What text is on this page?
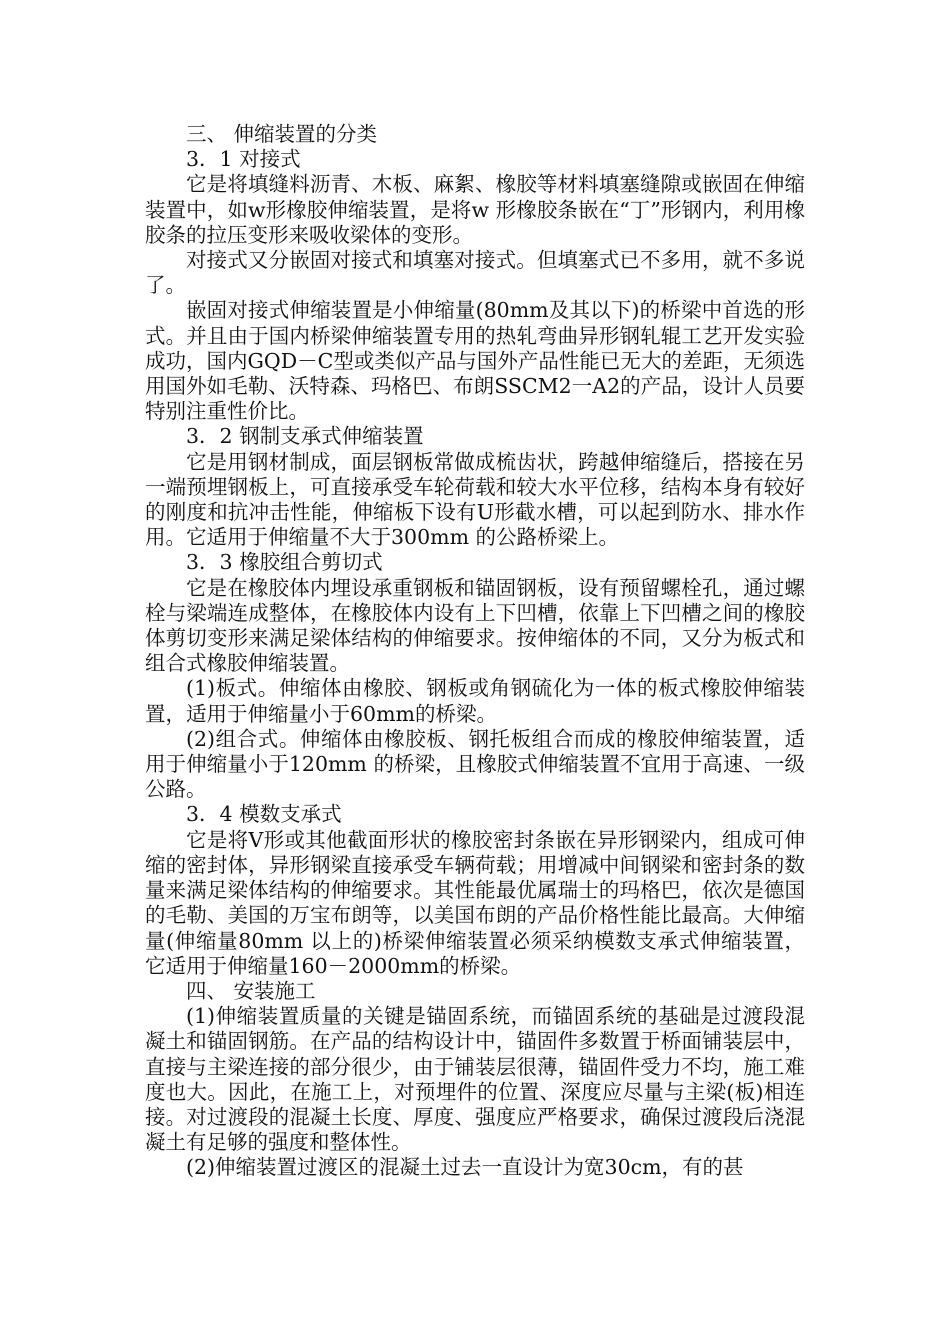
三、 伸缩装置的分类

3．1 对接式

它是将填缝料沥青、木板、麻絮、橡胶等材料填塞缝隙或嵌固在伸缩装置中，如w形橡胶伸缩装置，是将w 形橡胶条嵌在“丁”形钢内，利用橡胶条的拉压变形来吸收梁体的变形。

对接式又分嵌固对接式和填塞对接式。但填塞式已不多用，就不多说了。

嵌固对接式伸缩装置是小伸缩量(80mm及其以下)的桥梁中首选的形式。并且由于国内桥梁伸缩装置专用的热轧弯曲异形钢轧辊工艺开发实验成功，国内GQD－C型或类似产品与国外产品性能已无大的差距，无须选用国外如毛勒、沃特森、玛格巴、布朗SSCM2一A2的产品，设计人员要特别注重性价比。

3．2 钢制支承式伸缩装置

它是用钢材制成，面层钢板常做成梳齿状，跨越伸缩缝后，搭接在另一端预埋钢板上，可直接承受车轮荷载和较大水平位移，结构本身有较好的刚度和抗冲击性能，伸缩板下设有U形截水槽，可以起到防水、排水作用。它适用于伸缩量不大于300mm 的公路桥梁上。

3．3 橡胶组合剪切式

它是在橡胶体内埋设承重钢板和锚固钢板，设有预留螺栓孔，通过螺栓与梁端连成整体，在橡胶体内设有上下凹槽，依靠上下凹槽之间的橡胶体剪切变形来满足梁体结构的伸缩要求。按伸缩体的不同，又分为板式和组合式橡胶伸缩装置。

(1)板式。伸缩体由橡胶、钢板或角钢硫化为一体的板式橡胶伸缩装置，适用于伸缩量小于60mm的桥梁。

(2)组合式。伸缩体由橡胶板、钢托板组合而成的橡胶伸缩装置，适用于伸缩量小于120mm 的桥梁，且橡胶式伸缩装置不宜用于高速、一级公路。

3．4 模数支承式

它是将V形或其他截面形状的橡胶密封条嵌在异形钢梁内，组成可伸缩的密封体，异形钢梁直接承受车辆荷载；用增减中间钢梁和密封条的数量来满足梁体结构的伸缩要求。其性能最优属瑞士的玛格巴，依次是德国的毛勒、美国的万宝布朗等，以美国布朗的产品价格性能比最高。大伸缩量(伸缩量80mm 以上的)桥梁伸缩装置必须采纳模数支承式伸缩装置，它适用于伸缩量160－2000mm的桥梁。

四、 安装施工

(1)伸缩装置质量的关键是锚固系统，而锚固系统的基础是过渡段混凝土和锚固钢筋。在产品的结构设计中，锚固件多数置于桥面铺装层中，直接与主梁连接的部分很少，由于铺装层很薄，锚固件受力不均，施工难度也大。因此，在施工上，对预埋件的位置、深度应尽量与主梁(板)相连接。对过渡段的混凝土长度、厚度、强度应严格要求，确保过渡段后浇混凝土有足够的强度和整体性。

(2)伸缩装置过渡区的混凝土过去一直设计为宽30cm，有的甚
